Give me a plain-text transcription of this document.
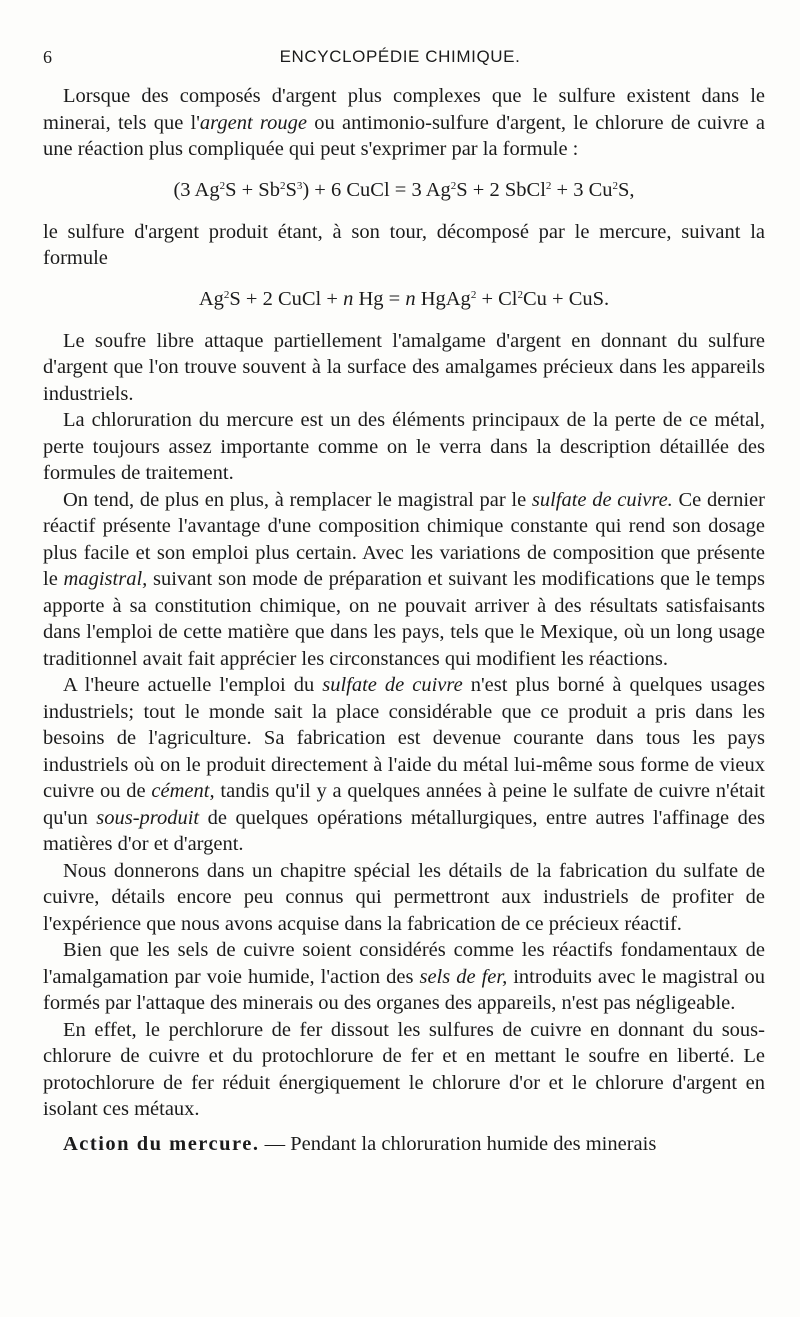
6	ENCYCLOPÉDIE CHIMIQUE.

Lorsque des composés d'argent plus complexes que le sulfure existent dans le minerai, tels que l'argent rouge ou antimonio-sulfure d'argent, le chlorure de cuivre a une réaction plus compliquée qui peut s'exprimer par la formule :

(3 $Ag^2S + Sb^2S^3) + 6$ CuCl = 3 $Ag^2S + 2$ SbCl$^2$ + 3 Cu$^2$S,

le sulfure d'argent produit étant, à son tour, décomposé par le mercure, suivant la formule

$Ag^2S + 2$ CuCl + n Hg = n HgAg$^2$ + $Cl^2Cu$ + CuS.

Le soufre libre attaque partiellement l'amalgame d'argent en donnant du sulfure d'argent que l'on trouve souvent à la surface des amalgames précieux dans les appareils industriels.

La chloruration du mercure est un des éléments principaux de la perte de ce métal, perte toujours assez importante comme on le verra dans la description détaillée des formules de traitement.

On tend, de plus en plus, à remplacer le magistral par le sulfate de cuivre. Ce dernier réactif présente l'avantage d'une composition chimique constante qui rend son dosage plus facile et son emploi plus certain. Avec les variations de composition que présente le magistral, suivant son mode de préparation et suivant les modifications que le temps apporte à sa constitution chimique, on ne pouvait arriver à des résultats satisfaisants dans l'emploi de cette matière que dans les pays, tels que le Mexique, où un long usage traditionnel avait fait apprécier les circonstances qui modifient les réactions.

A l'heure actuelle l'emploi du sulfate de cuivre n'est plus borné à quelques usages industriels; tout le monde sait la place considérable que ce produit a pris dans les besoins de l'agriculture. Sa fabrication est devenue courante dans tous les pays industriels où on le produit directement à l'aide du métal lui-même sous forme de vieux cuivre ou de cément, tandis qu'il y a quelques années à peine le sulfate de cuivre n'était qu'un sous-produit de quelques opérations métallurgiques, entre autres l'affinage des matières d'or et d'argent.

Nous donnerons dans un chapitre spécial les détails de la fabrication du sulfate de cuivre, détails encore peu connus qui permettront aux industriels de profiter de l'expérience que nous avons acquise dans la fabrication de ce précieux réactif.

Bien que les sels de cuivre soient considérés comme les réactifs fondamentaux de l'amalgamation par voie humide, l'action des sels de fer, introduits avec le magistral ou formés par l'attaque des minerais ou des organes des appareils, n'est pas négligeable.

En effet, le perchlorure de fer dissout les sulfures de cuivre en donnant du sous-chlorure de cuivre et du protochlorure de fer et en mettant le soufre en liberté. Le protochlorure de fer réduit énergiquement le chlorure d'or et le chlorure d'argent en isolant ces métaux.

Action du mercure. — Pendant la chloruration humide des minerais
